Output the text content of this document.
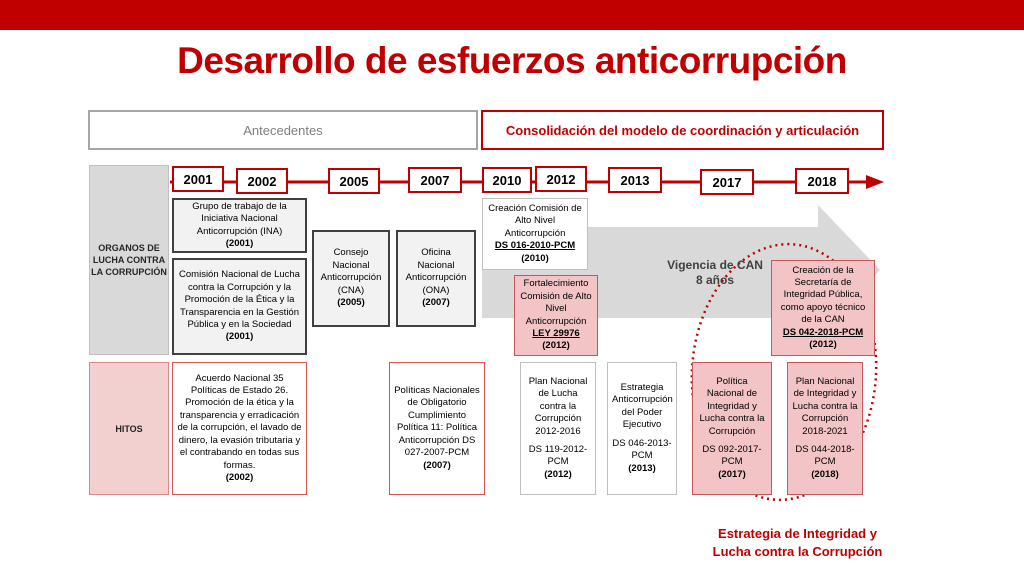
Desarrollo de esfuerzos anticorrupción
Antecedentes	Consolidación del modelo de coordinación y articulación
ORGANOS DE LUCHA CONTRA LA CORRUPCIÓN
HITOS
2001	2002	2005	2007	2010	2012	2013	2017	2018
Grupo de trabajo de la Iniciativa Nacional Anticorrupción (INA)
(2001)
Comisión Nacional de Lucha contra la Corrupción y la Promoción de la Ética y la Transparencia en la Gestión Pública y en la Sociedad
(2001)
Consejo Nacional Anticorrupción (CNA)
(2005)
Oficina Nacional Anticorrupción (ONA)
(2007)
Creación Comisión de Alto Nivel Anticorrupción
DS 016-2010-PCM
(2010)
Fortalecimiento Comisión de Alto Nivel Anticorrupción
LEY 29976
(2012)
Creación de la Secretaría de Integridad Pública, como apoyo técnico de la CAN
DS 042-2018-PCM
(2012)
Vigencia de CAN 8 años
Acuerdo Nacional 35 Políticas de Estado 26. Promoción de la ética y la transparencia y erradicación de la corrupción, el lavado de dinero, la evasión tributaria y el contrabando en todas sus formas.
(2002)
Políticas Nacionales de Obligatorio Cumplimiento Política 11: Política Anticorrupción DS 027-2007-PCM
(2007)
Plan Nacional de Lucha contra la Corrupción 2012-2016
DS 119-2012-PCM
(2012)
Estrategia Anticorrupción del Poder Ejecutivo
DS 046-2013-PCM
(2013)
Política Nacional de Integridad y Lucha contra la Corrupción
DS 092-2017-PCM
(2017)
Plan Nacional de Integridad y Lucha contra la Corrupción 2018-2021
DS 044-2018-PCM
(2018)
Estrategia de Integridad y Lucha contra la Corrupción
